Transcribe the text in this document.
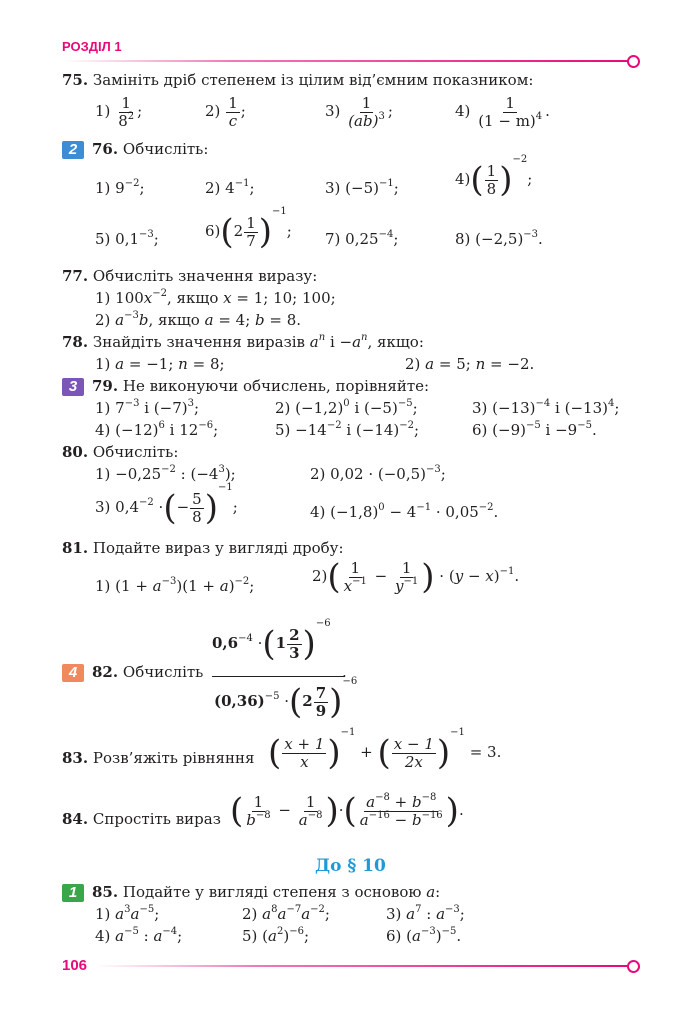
РОЗДІЛ 1
75. Замініть дріб степенем із цілим від’ємним показником:
$1) \frac{1}{8^2}$ ;	$2) \frac{1}{c}$ ;	$3) \frac{1}{(ab)^3}$ ;	$4) \frac{1}{(1 - m)^4}$ .
2 76. Обчисліть:
1) $9^{-2}$;	2) $4^{-1}$;	3) $(-5)^{-1}$;	$4)( \frac{1}{8} )^{-2}$;
5) $0,1^{-3}$;	$6)(2 \frac{1}{7} )^{-1}$; 7) $0,25^{-4}$;	8) $(-2,5)^{-3}$.
77. Обчисліть значення виразу:
1) $100x^{-2}$, якщо x = 1; 10; 100;
2) $a^{-3}b$, якщо a = 4; b = 8.
78. Знайдіть значення виразів $a^n$ $і -a^n$, якщо:
1) a = −1; n = 8;	2) a = 5; n = −2.
3 79. Не виконуючи обчислень, порівняйте:
1) $7^{-3}$ і $(-7)^3$;	2) $(-1,2)^0$ і $(-5)^{-5}$;	3) $(-13)^{-4}$ і $(-13)^4$;
4) $(-12)^6$ і $12^{-6}$;	$5) -14^{-2}$ і $(-14)^{-2}$;	6) $(-9)^{-5}$ $і -9^{-5}$.
80. Обчисліть:
$1) -0,25^{-2}$ : $(-4^3)$;	2) $0,02 \cdot (-0,5)^{-3}$;
3) $0,4^{-2}$ ·(− $\frac{5}{8} )^{-1}$;	4) $(-1,8)^0 - 4^{-1} \cdot 0,05^{-2}$.
81. Подайте вираз у вигляді дробу:
1) $(1 + a^{-3})(1 + a)^{-2}$;
$2)( \frac{1}{x^{-1}} - \frac{1}{y^{-1}}$ ) · $(y - x)^{-1}$.
4 82. Обчисліть
$0,6^{-4} \cdot(1 \frac{2}{3} )^{-6}$
.
$(0,36)^{-5} \cdot(2 \frac{7}{9} )^{-6}$
83. Розв’яжіть рівняння ( $\frac{x + 1}{x} )^{-1}$ + ( $\frac{x - 1}{2x} )^{-1} = 3$.
84. Спростіть вираз ( $\frac{1}{b^{-8}} - \frac{1}{a^{-8}}$ )·( $\frac{a^{-8} + b^{-8}}{a^{-16} - b^{-16}}$ ).
До § 10
1 85. Подайте у вигляді степеня з основою a:
1) $a^3a^{-5}$;	2) $a^8a^{-7}a^{-2}$;	3) $a^7$ : $a^{-3}$;
4) $a^{-5}$ : $a^{-4}$;	5) $(a^2)^{-6}$;	6) $(a^{-3})^{-5}$.
106
